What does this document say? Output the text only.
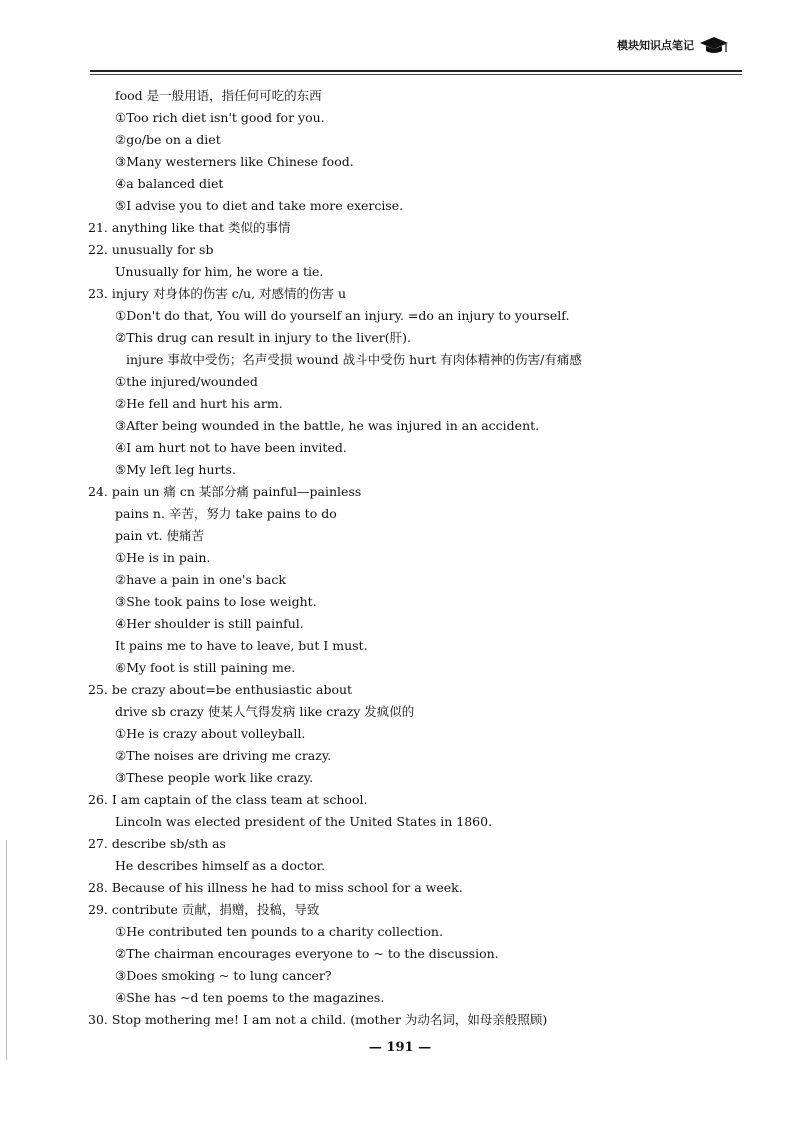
模块知识点笔记
food 是一般用语，指任何可吃的东西
①Too rich diet isn't good for you.
②go/be on a diet
③Many westerners like Chinese food.
④a balanced diet
⑤I advise you to diet and take more exercise.
21. anything like that 类似的事情
22. unusually for sb
Unusually for him, he wore a tie.
23. injury 对身体的伤害 c/u, 对感情的伤害 u
①Don't do that, You will do yourself an injury. =do an injury to yourself.
②This drug can result in injury to the liver(肝).
injure 事故中受伤；名声受损 wound 战斗中受伤 hurt 有肉体精神的伤害/有痛感
①the injured/wounded
②He fell and hurt his arm.
③After being wounded in the battle, he was injured in an accident.
④I am hurt not to have been invited.
⑤My left leg hurts.
24. pain un 痛 cn 某部分痛 painful—painless
pains n. 辛苦，努力 take pains to do
pain vt. 使痛苦
①He is in pain.
②have a pain in one's back
③She took pains to lose weight.
④Her shoulder is still painful.
It pains me to have to leave, but I must.
⑥My foot is still paining me.
25. be crazy about=be enthusiastic about
drive sb crazy 使某人气得发病 like crazy 发疯似的
①He is crazy about volleyball.
②The noises are driving me crazy.
③These people work like crazy.
26. I am captain of the class team at school.
Lincoln was elected president of the United States in 1860.
27. describe sb/sth as
He describes himself as a doctor.
28. Because of his illness he had to miss school for a week.
29. contribute 贡献，捐赠，投稿，导致
①He contributed ten pounds to a charity collection.
②The chairman encourages everyone to ~ to the discussion.
③Does smoking ~ to lung cancer?
④She has ~d ten poems to the magazines.
30. Stop mothering me! I am not a child. (mother 为动名词，如母亲般照顾)
— 191 —
